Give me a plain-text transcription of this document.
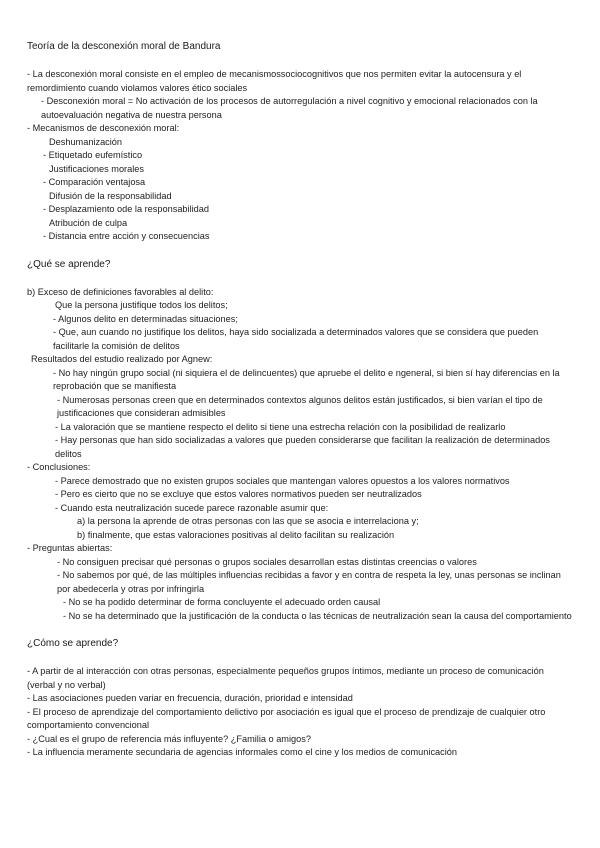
Teoría de la desconexión moral de Bandura
- La desconexión moral consiste en el empleo de mecanismossociocognitivos que nos permiten evitar la autocensura y el remordimiento cuando violamos valores ético sociales
- Desconexión moral = No activación de los procesos de autorregulación a nivel cognitivo y emocional relacionados con la autoevaluación negativa de nuestra persona
- Mecanismos de desconexión moral:
Deshumanización
- Etiquetado eufemístico
Justificaciones morales
- Comparación ventajosa
Difusión de la responsabilidad
- Desplazamiento ode la responsabilidad
Atribución de culpa
- Distancia entre acción y consecuencias
¿Qué se aprende?
b) Exceso de definiciones favorables al delito:
Que la persona justifique todos los delitos;
- Algunos delito en determinadas situaciones;
- Que, aun cuando no justifique los delitos, haya sido socializada a determinados valores que se considera que pueden facilitarle la comisión de delitos
Resultados del estudio realizado por Agnew:
- No hay ningún grupo social (ni siquiera el de delincuentes) que apruebe el delito e ngeneral, si bien sí hay diferencias en la reprobación que se manifiesta
- Numerosas personas creen que en determinados contextos algunos delitos están justificados, si bien varían el tipo de justificaciones que consideran admisibles
- La valoración que se mantiene respecto el delito si tiene una estrecha relación con la posibilidad de realizarlo
- Hay personas que han sido socializadas a valores que pueden considerarse que facilitan la realización de determinados delitos
- Conclusiones:
- Parece demostrado que no existen grupos sociales que mantengan valores opuestos a los valores normativos
- Pero es cierto que no se excluye que estos valores normativos pueden ser neutralizados
- Cuando esta neutralización sucede parece razonable asumir que:
a) la persona la aprende de otras personas con las que se asocia e interrelaciona y;
b) finalmente, que estas valoraciones positivas al delito facilitan su realización
- Preguntas abiertas:
- No consiguen precisar qué personas o grupos sociales desarrollan estas distintas creencias o valores
- No sabemos por qué, de las múltiples influencias recibidas a favor y en contra de respeta la ley, unas personas se inclinan por abedecerla y otras por infringirla
- No se ha podido determinar de forma concluyente el adecuado orden causal
- No se ha determinado que la justificación de la conducta o las técnicas de neutralización sean la causa del comportamiento
¿Cómo se aprende?
- A partir de al interacción con otras personas, especialmente pequeños grupos íntimos, mediante un proceso de comunicación (verbal y no verbal)
- Las asociaciones pueden variar en frecuencia, duración, prioridad e intensidad
- El proceso de aprendizaje del comportamiento delictivo por asociación es igual que el proceso de prendizaje de cualquier otro comportamiento convencional
- ¿Cual es el grupo de referencia más influyente? ¿Familia o amigos?
- La influencia meramente secundaria de agencias informales como el cine y los medios de comunicación
